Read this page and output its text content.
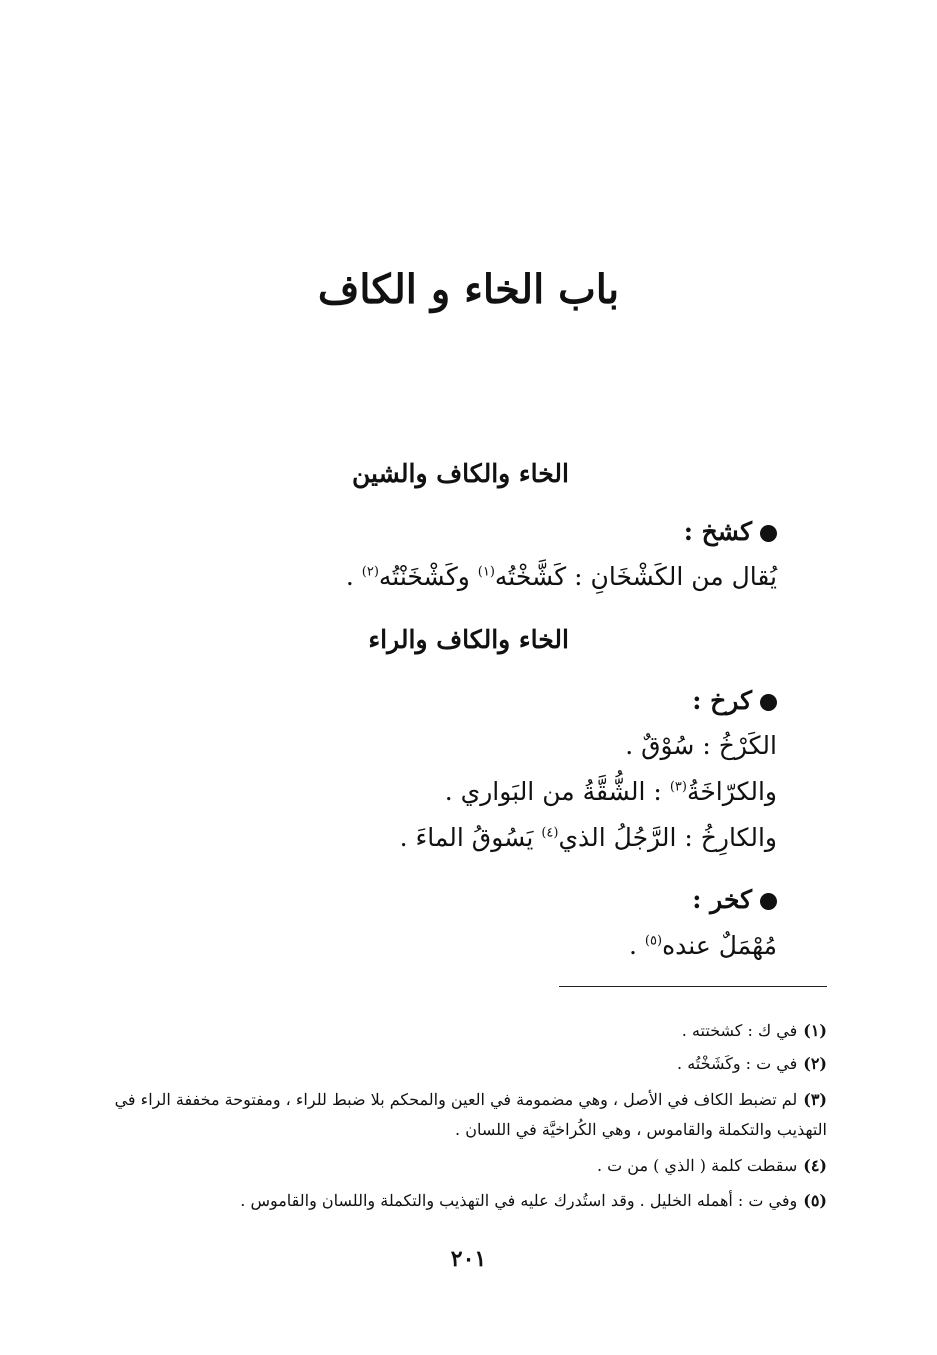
باب الخاء و الكاف
الخاء والكاف والشين
كشخ :
يُقال من الكَشْخَانِ : كَشَّخْتُه$^{(١)}$ وكَشْخَنْتُه$^{(٢)}$ .
الخاء والكاف والراء
كرخ :
الكَرْخُ : سُوْقٌ .
والكرّاخَةُ$^{(٣)}$ : الشُّقَّةُ من البَواري .
والكارِخُ : الرَّجُلُ الذي$^{(٤)}$ يَسُوقُ الماءَ .
كخر :
مُهْمَلٌ عنده$^{(٥)}$ .
(١)في ك : كشختته .
(٢)في ت : وكَشَخْتُه .
(٣)لم تضبط الكاف في الأصل ، وهي مضمومة في العين والمحكم بلا ضبط للراء ، ومفتوحة مخففة الراء في التهذيب والتكملة والقاموس ، وهي الكُراخيَّة في اللسان .
(٤)سقطت كلمة ( الذي ) من ت .
(٥)وفي ت : أهمله الخليل . وقد استُدرك عليه في التهذيب والتكملة واللسان والقاموس .
٢٠١
